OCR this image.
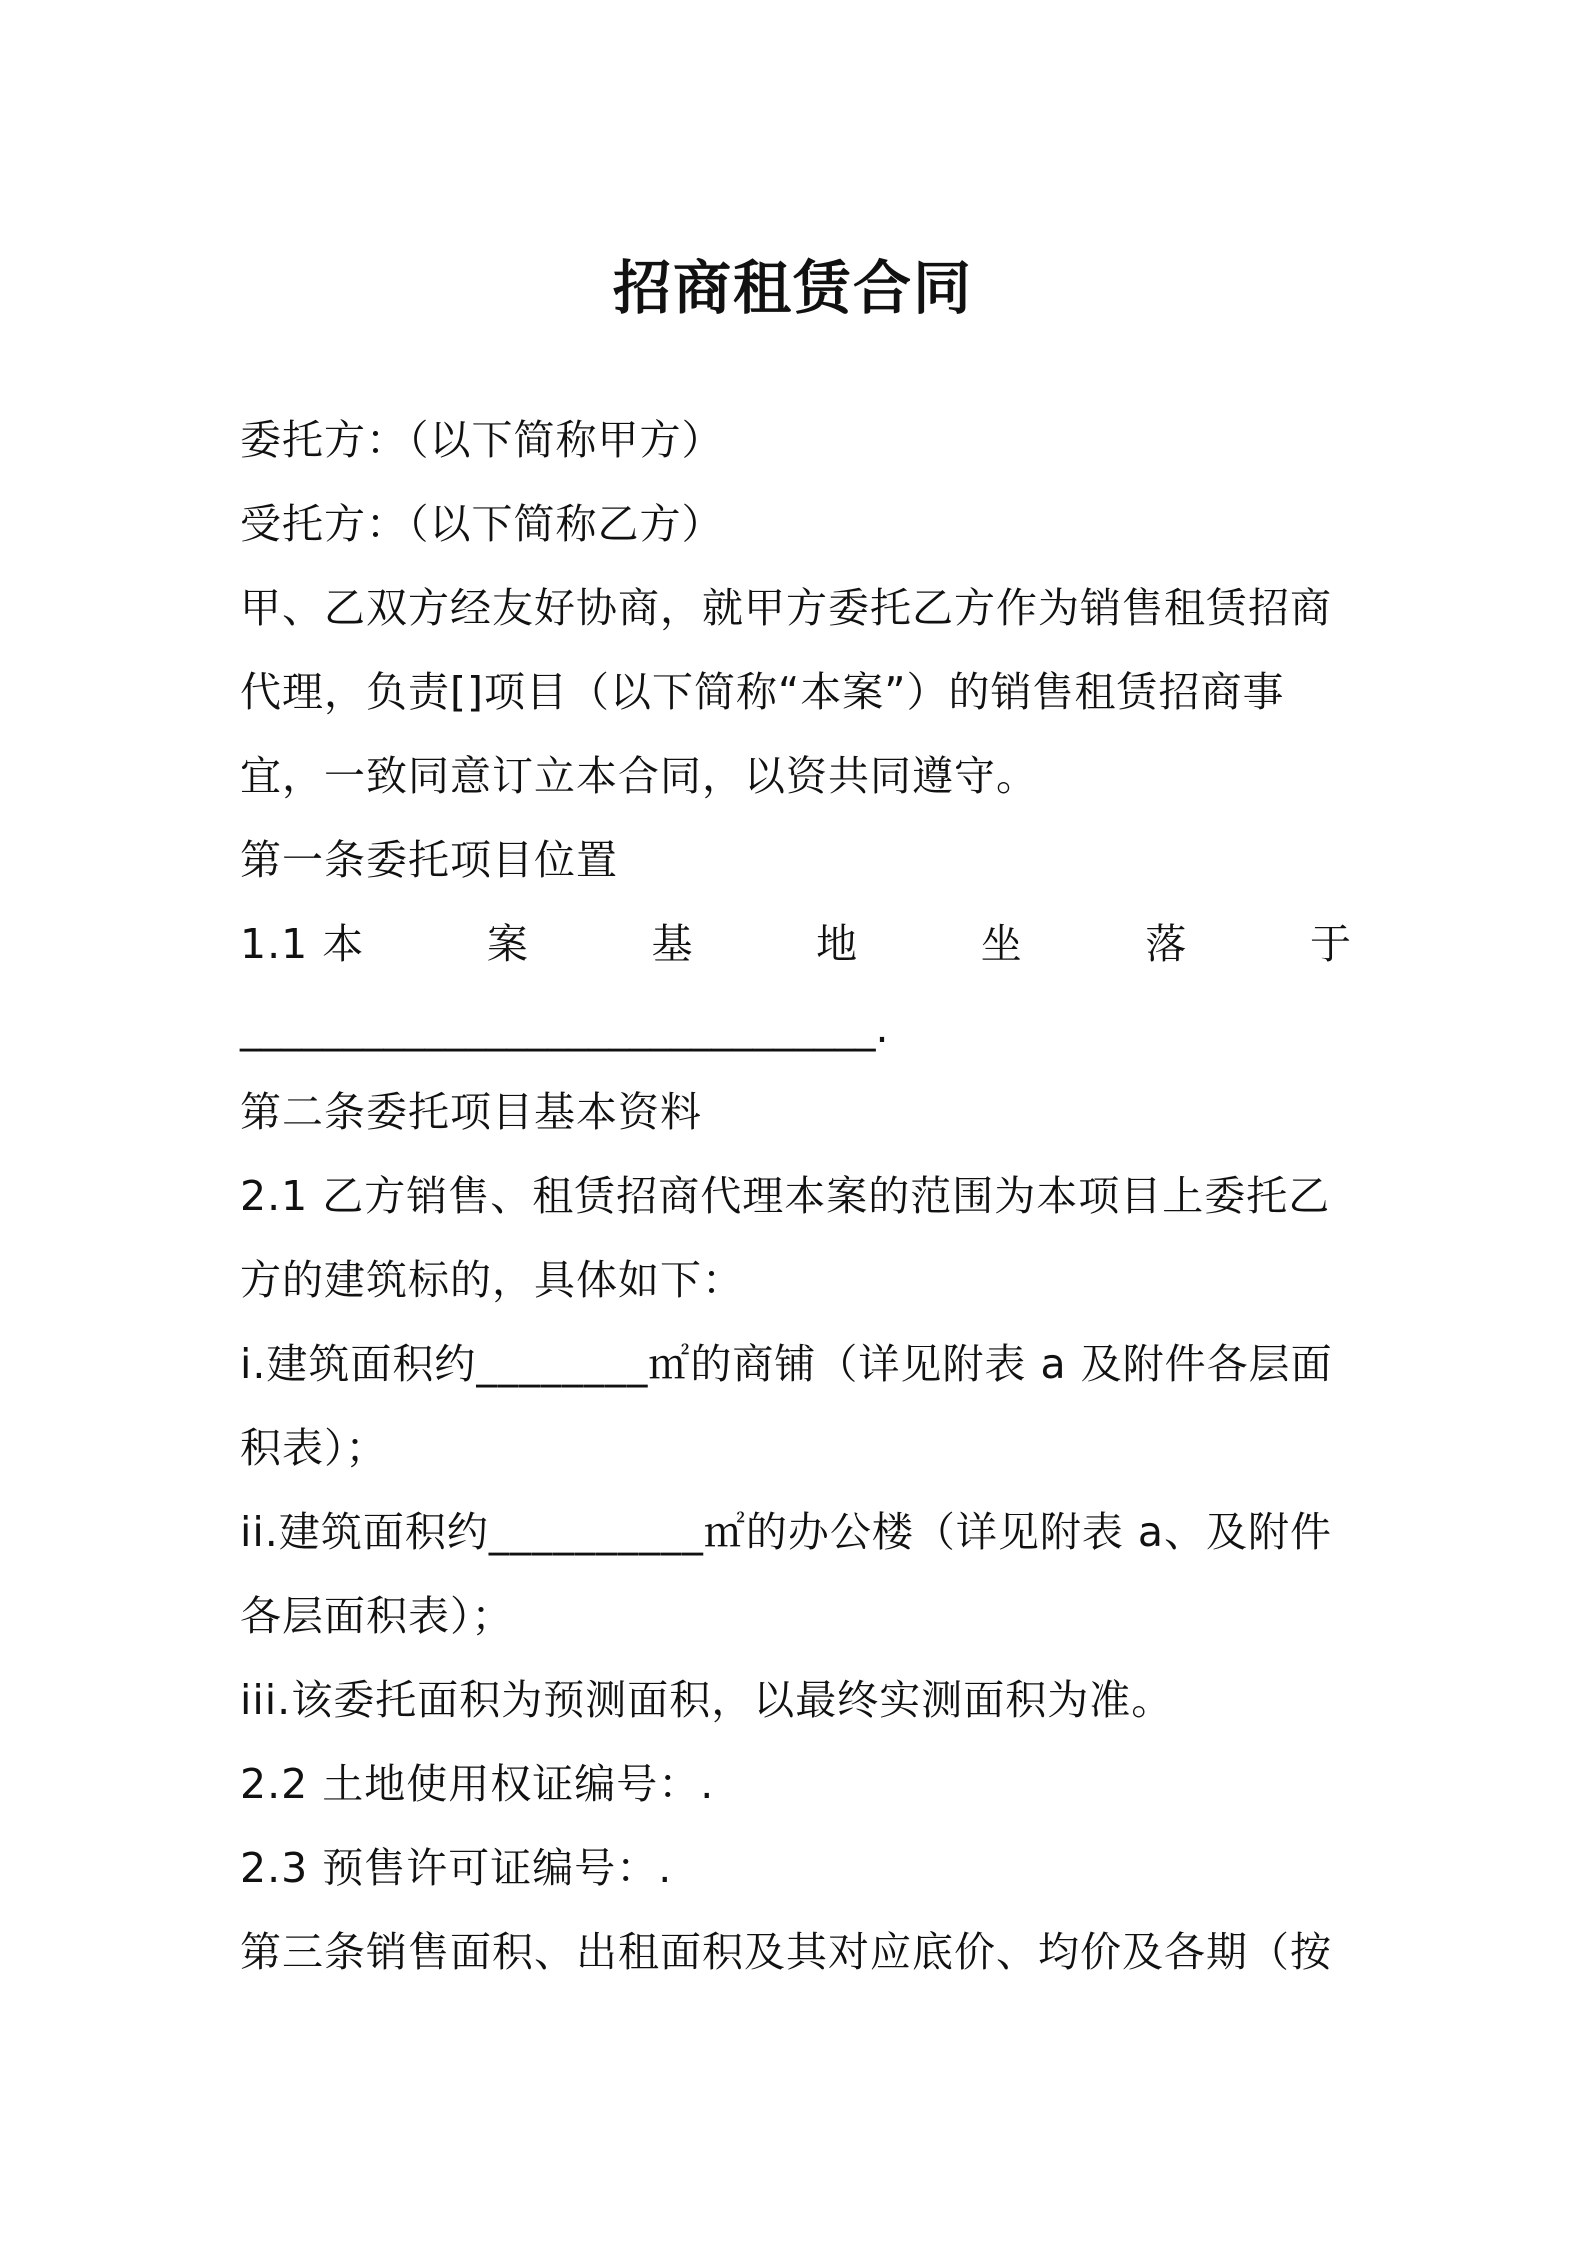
招商租赁合同
委托方：（以下简称甲方）
受托方：（以下简称乙方）
甲、乙双方经友好协商，就甲方委托乙方作为销售租赁招商
代理，负责[]项目（以下简称“本案”）的销售租赁招商事
宜，一致同意订立本合同，以资共同遵守。
第一条委托项目位置
1.1 本	案	基	地	坐	落	于
_______________________________.
第二条委托项目基本资料
2.1 乙方销售、租赁招商代理本案的范围为本项目上委托乙
方的建筑标的，具体如下：
i.建筑面积约________㎡的商铺（详见附表 a 及附件各层面
积表）；
ii.建筑面积约__________㎡的办公楼（详见附表 a、及附件
各层面积表）；
iii.该委托面积为预测面积，以最终实测面积为准。
2.2 土地使用权证编号：.
2.3 预售许可证编号：.
第三条销售面积、出租面积及其对应底价、均价及各期（按
